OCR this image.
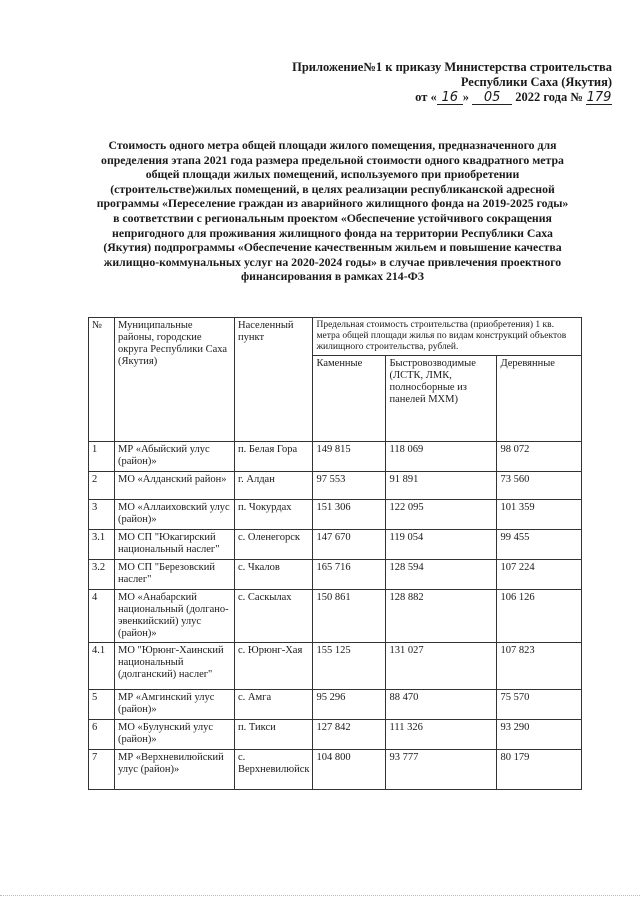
Приложение№1 к приказу Министерства строительства
Республики Саха (Якутия)
от « 16 » 05 2022 года № 179
Стоимость одного метра общей площади жилого помещения, предназначенного для
определения этапа 2021 года размера предельной стоимости одного квадратного метра
общей площади жилых помещений, используемого при приобретении
(строительстве)жилых помещений, в целях реализации республиканской адресной
программы «Переселение граждан из аварийного жилищного фонда на 2019-2025 годы»
в соответствии с региональным проектом «Обеспечение устойчивого сокращения
непригодного для проживания жилищного фонда на территории Республики Саха
(Якутия) подпрограммы «Обеспечение качественным жильем и повышение качества
жилищно-коммунальных услуг на 2020-2024 годы» в случае привлечения проектного
финансирования в рамках 214-ФЗ
№	Муниципальные районы, городские округа Республики Саха (Якутия)	Населенный пункт	Предельная стоимость строительства (приобретения) 1 кв. метра общей площади жилья по видам конструкций объектов жилищного строительства, рублей.		
			Каменные	Быстровозводимые (ЛСТК, ЛМК, полносборные из панелей МХМ)	Деревянные
1	МР «Абыйский улус (район)»	п. Белая Гора	149 815	118 069	98 072
2	МО «Алданский район»	г. Алдан	97 553	91 891	73 560
3	МО «Аллаиховский улус (район)»	п. Чокурдах	151 306	122 095	101 359
3.1	МО СП "Юкагирский национальный наслег"	с. Оленегорск	147 670	119 054	99 455
3.2	МО СП "Березовский наслег"	с. Чкалов	165 716	128 594	107 224
4	МО «Анабарский национальный (долгано-эвенкийский) улус (район)»	с. Саскылах	150 861	128 882	106 126
4.1	МО "Юрюнг-Хаинский национальный (долганский) наслег"	с. Юрюнг-Хая	155 125	131 027	107 823
5	МР «Амгинский улус (район)»	с. Амга	95 296	88 470	75 570
6	МО «Булунский улус (район)»	п. Тикси	127 842	111 326	93 290
7	МР «Верхневилюйский улус (район)»	с. Верхневилюйск	104 800	93 777	80 179
